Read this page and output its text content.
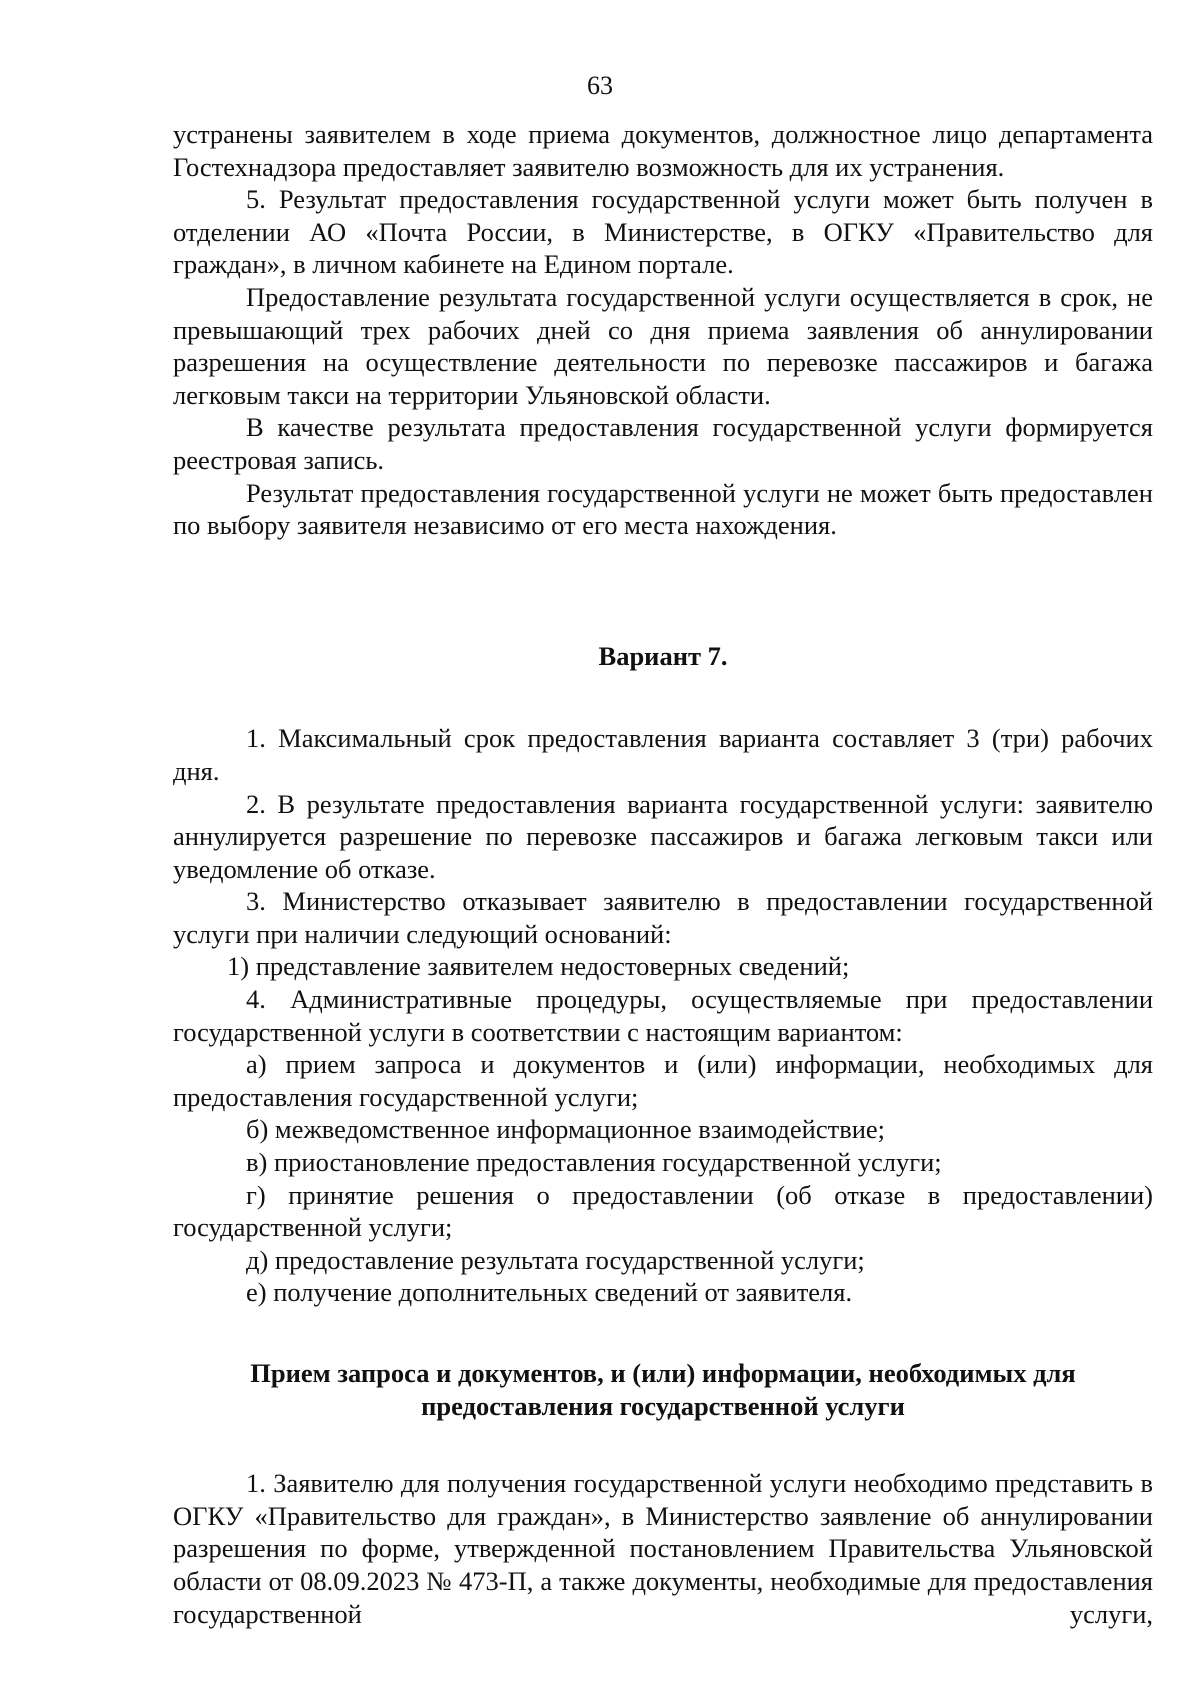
63

устранены заявителем в ходе приема документов, должностное лицо департамента Гостехнадзора предоставляет заявителю возможность для их устранения.

5. Результат предоставления государственной услуги может быть получен в отделении АО «Почта России, в Министерстве, в ОГКУ «Правительство для граждан», в личном кабинете на Едином портале.

Предоставление результата государственной услуги осуществляется в срок, не превышающий трех рабочих дней со дня приема заявления об аннулировании разрешения на осуществление деятельности по перевозке пассажиров и багажа легковым такси на территории Ульяновской области.

В качестве результата предоставления государственной услуги формируется реестровая запись.

Результат предоставления государственной услуги не может быть предоставлен по выбору заявителя независимо от его места нахождения.

Вариант 7.

1. Максимальный срок предоставления варианта составляет 3 (три) рабочих дня.

2. В результате предоставления варианта государственной услуги: заявителю аннулируется разрешение по перевозке пассажиров и багажа легковым такси или уведомление об отказе.

3. Министерство отказывает заявителю в предоставлении государственной услуги при наличии следующий оснований:

1) представление заявителем недостоверных сведений;

4. Административные процедуры, осуществляемые при предоставлении государственной услуги в соответствии с настоящим вариантом:

а) прием запроса и документов и (или) информации, необходимых для предоставления государственной услуги;

б) межведомственное информационное взаимодействие;

в) приостановление предоставления государственной услуги;

г) принятие решения о предоставлении (об отказе в предоставлении) государственной услуги;

д) предоставление результата государственной услуги;

е) получение дополнительных сведений от заявителя.

Прием запроса и документов, и (или) информации, необходимых для

предоставления государственной услуги

1. Заявителю для получения государственной услуги необходимо представить в ОГКУ «Правительство для граждан», в Министерство заявление об аннулировании разрешения по форме, утвержденной постановлением Правительства Ульяновской области от 08.09.2023 № 473-П, а также документы, необходимые для предоставления государственной услуги,
